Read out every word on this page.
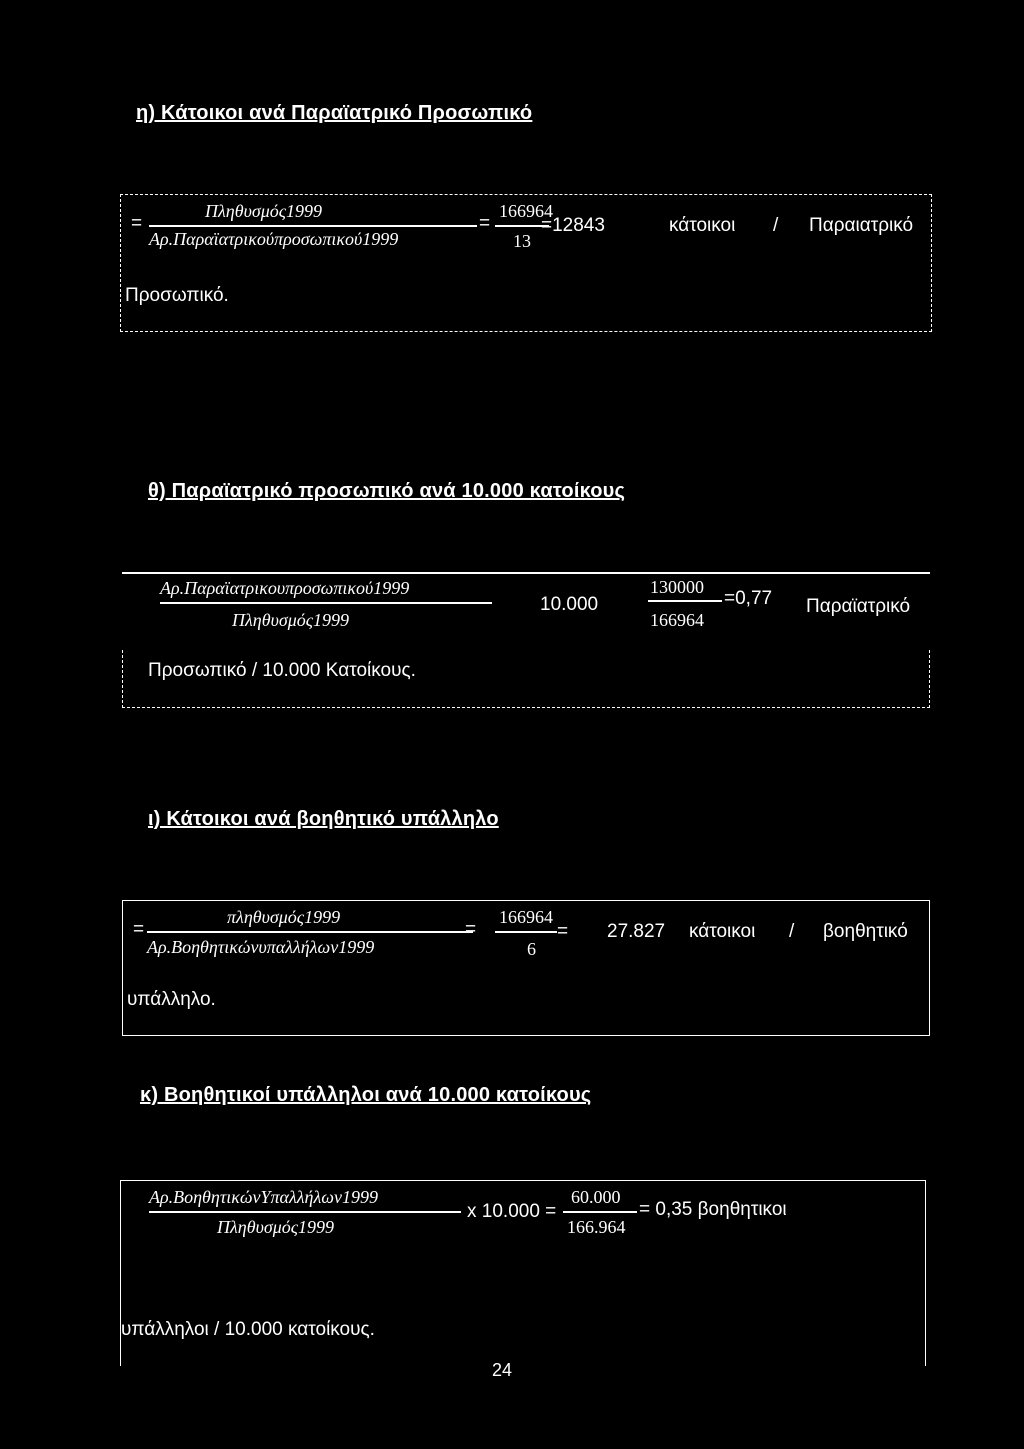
η) Κάτοικοι ανά Παραϊατρικό Προσωπικό
=
Πληθυσμός1999
Αρ.Παραϊατρικούπροσωπικού1999
=
166964
13
=12843	κάτοικοι / Παραιατρικό
Προσωπικό.
θ) Παραϊατρικό προσωπικό ανά 10.000 κατοίκους
Αρ.Παραϊατρικουπροσωπικού1999
Πληθυσμός1999
10.000
130000
166964
=0,77 Παραϊατρικό
Προσωπικό / 10.000 Κατοίκους.
ι) Κάτοικοι ανά βοηθητικό υπάλληλο
=
πληθυσμός1999
Αρ.Βοηθητικώνυπαλλήλων1999
=
166964
6
= 27.827 κάτοικοι / βοηθητικό
υπάλληλο.
κ) Βοηθητικοί υπάλληλοι ανά 10.000 κατοίκους
Αρ.ΒοηθητικώνΥπαλλήλων1999
Πληθυσμός1999
x 10.000 =
60.000
166.964
= 0,35 βοηθητικοι
υπάλληλοι / 10.000 κατοίκους.
24
